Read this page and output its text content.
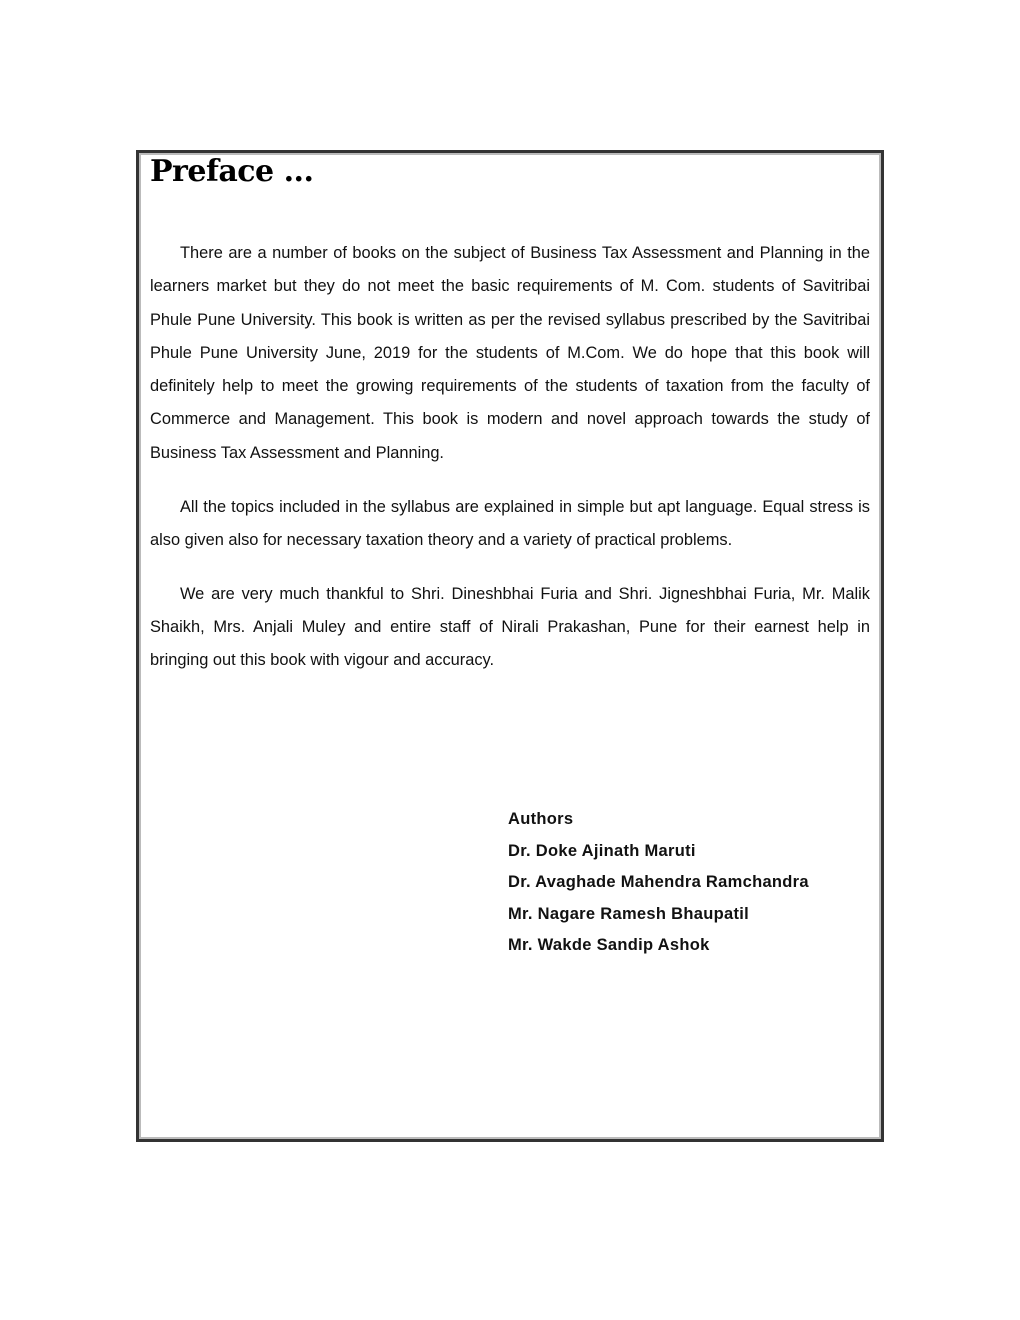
Preface ...

There are a number of books on the subject of Business Tax Assessment and Planning in the learners market but they do not meet the basic requirements of M. Com. students of Savitribai Phule Pune University. This book is written as per the revised syllabus prescribed by the Savitribai Phule Pune University June, 2019 for the students of M.Com. We do hope that this book will definitely help to meet the growing requirements of the students of taxation from the faculty of Commerce and Management. This book is modern and novel approach towards the study of Business Tax Assessment and Planning.

All the topics included in the syllabus are explained in simple but apt language. Equal stress is also given also for necessary taxation theory and a variety of practical problems.

We are very much thankful to Shri. Dineshbhai Furia and Shri. Jigneshbhai Furia, Mr. Malik Shaikh, Mrs. Anjali Muley and entire staff of Nirali Prakashan, Pune for their earnest help in bringing out this book with vigour and accuracy.

Authors
Dr. Doke Ajinath Maruti
Dr. Avaghade Mahendra Ramchandra
Mr. Nagare Ramesh Bhaupatil
Mr. Wakde Sandip Ashok
